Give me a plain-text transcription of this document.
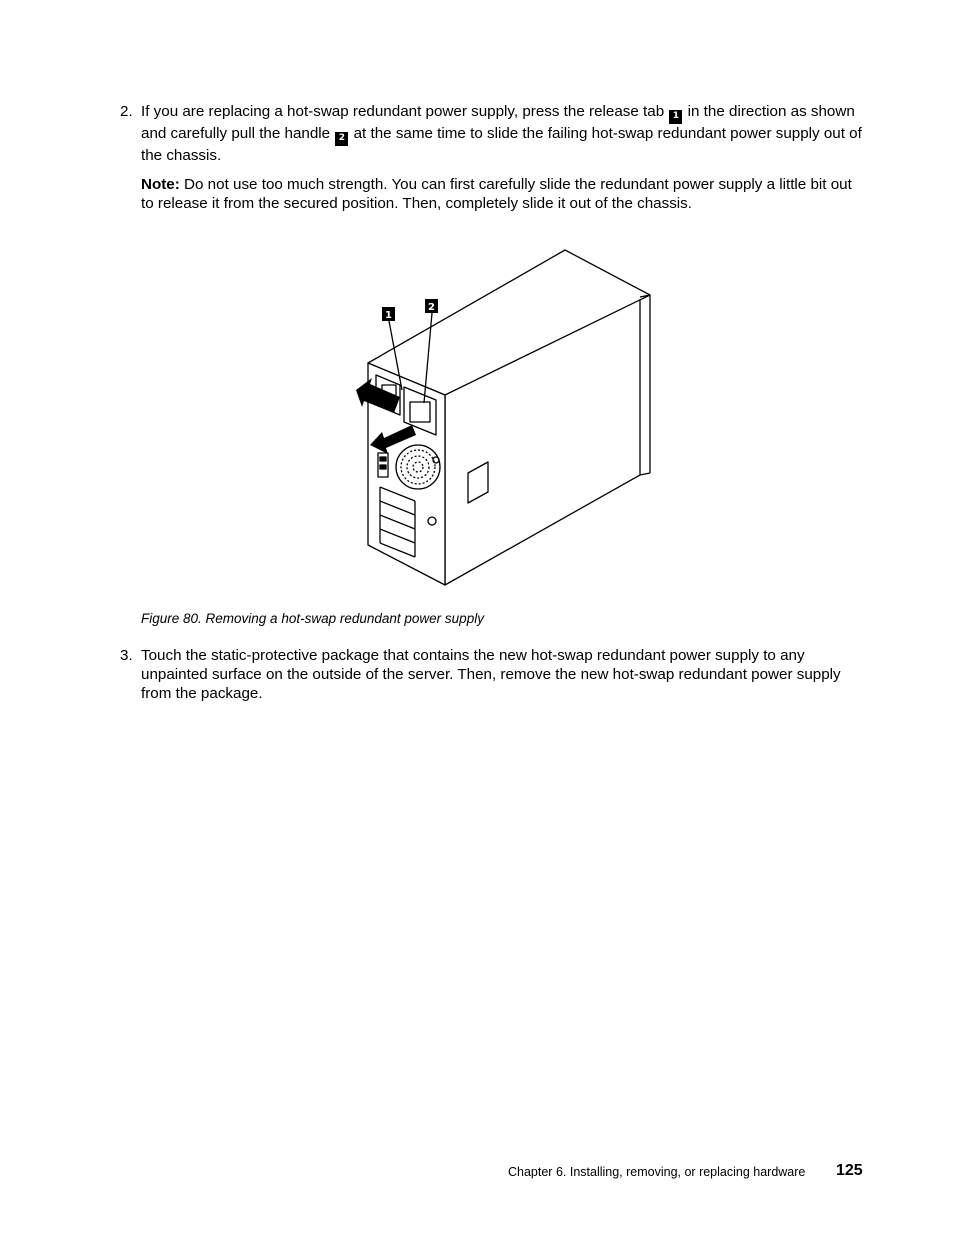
2. If you are replacing a hot-swap redundant power supply, press the release tab 1 in the direction as shown and carefully pull the handle 2 at the same time to slide the failing hot-swap redundant power supply out of the chassis.
Note: Do not use too much strength. You can first carefully slide the redundant power supply a little bit out to release it from the secured position. Then, completely slide it out of the chassis.
1
2
Figure 80. Removing a hot-swap redundant power supply
3. Touch the static-protective package that contains the new hot-swap redundant power supply to any unpainted surface on the outside of the server. Then, remove the new hot-swap redundant power supply from the package.
Chapter 6. Installing, removing, or replacing hardware 125
